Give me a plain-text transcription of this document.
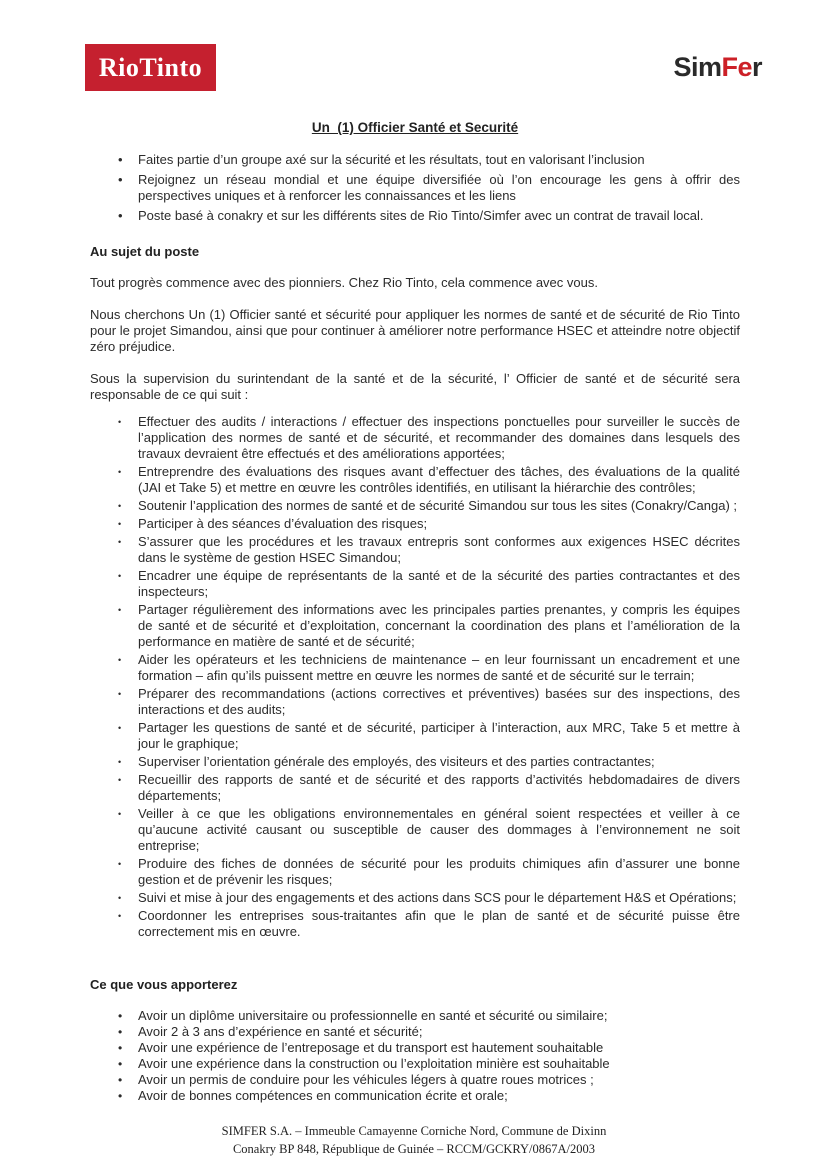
RioTinto	SimFer
Un  (1) Officier Santé et Securité
•	Faites partie d’un groupe axé sur la sécurité et les résultats, tout en valorisant l’inclusion
•	Rejoignez un réseau mondial et une équipe diversifiée où l’on encourage les gens à offrir des perspectives uniques et à renforcer les connaissances et les liens
•	Poste basé à conakry et sur les différents sites de Rio Tinto/Simfer avec un contrat de travail local.
Au sujet du poste

Tout progrès commence avec des pionniers. Chez Rio Tinto, cela commence avec vous.

Nous cherchons Un (1) Officier santé et sécurité pour appliquer les normes de santé et de sécurité de Rio Tinto pour le projet Simandou, ainsi que pour continuer à améliorer notre performance HSEC et atteindre notre objectif zéro préjudice.

Sous la supervision du surintendant de la santé et de la sécurité, l’ Officier de santé et de sécurité sera responsable de ce qui suit :

•	Effectuer des audits / interactions / effectuer des inspections ponctuelles pour surveiller le succès de l’application des normes de santé et de sécurité, et recommander des domaines dans lesquels des travaux devraient être effectués et des améliorations apportées;
•	Entreprendre des évaluations des risques avant d’effectuer des tâches, des évaluations de la qualité (JAI et Take 5) et mettre en œuvre les contrôles identifiés, en utilisant la hiérarchie des contrôles;
•	Soutenir l’application des normes de santé et de sécurité Simandou sur tous les sites (Conakry/Canga) ;
•	Participer à des séances d’évaluation des risques;
•	S’assurer que les procédures et les travaux entrepris sont conformes aux exigences HSEC décrites dans le système de gestion HSEC Simandou;
•	Encadrer une équipe de représentants de la santé et de la sécurité des parties contractantes et des inspecteurs;
•	Partager régulièrement des informations avec les principales parties prenantes, y compris les équipes de santé et de sécurité et d’exploitation, concernant la coordination des plans et l’amélioration de la performance en matière de santé et de sécurité;
•	Aider les opérateurs et les techniciens de maintenance – en leur fournissant un encadrement et une formation – afin qu’ils puissent mettre en œuvre les normes de santé et de sécurité sur le terrain;
•	Préparer des recommandations (actions correctives et préventives) basées sur des inspections, des interactions et des audits;
•	Partager les questions de santé et de sécurité, participer à l’interaction, aux MRC, Take 5 et mettre à jour le graphique;
•	Superviser l’orientation générale des employés, des visiteurs et des parties contractantes;
•	Recueillir des rapports de santé et de sécurité et des rapports d’activités hebdomadaires de divers départements;
•	Veiller à ce que les obligations environnementales en général soient respectées et veiller à ce qu’aucune activité causant ou susceptible de causer des dommages à l’environnement ne soit entreprise;
•	Produire des fiches de données de sécurité pour les produits chimiques afin d’assurer une bonne gestion et de prévenir les risques;
•	Suivi et mise à jour des engagements et des actions dans SCS pour le département H&S et Opérations;
•	Coordonner les entreprises sous-traitantes afin que le plan de santé et de sécurité puisse être correctement mis en œuvre.
Ce que vous apporterez
•	Avoir un diplôme universitaire ou professionnelle en santé et sécurité ou similaire;
•	Avoir 2 à 3 ans d’expérience en santé et sécurité;
•	Avoir une expérience de l’entreposage et du transport est hautement souhaitable
•	Avoir une expérience dans la construction ou l’exploitation minière est souhaitable
•	Avoir un permis de conduire pour les véhicules légers à quatre roues motrices ;
•	Avoir de bonnes compétences en communication écrite et orale;
SIMFER S.A. – Immeuble Camayenne Corniche Nord, Commune de Dixinn
Conakry BP 848, République de Guinée – RCCM/GCKRY/0867A/2003
